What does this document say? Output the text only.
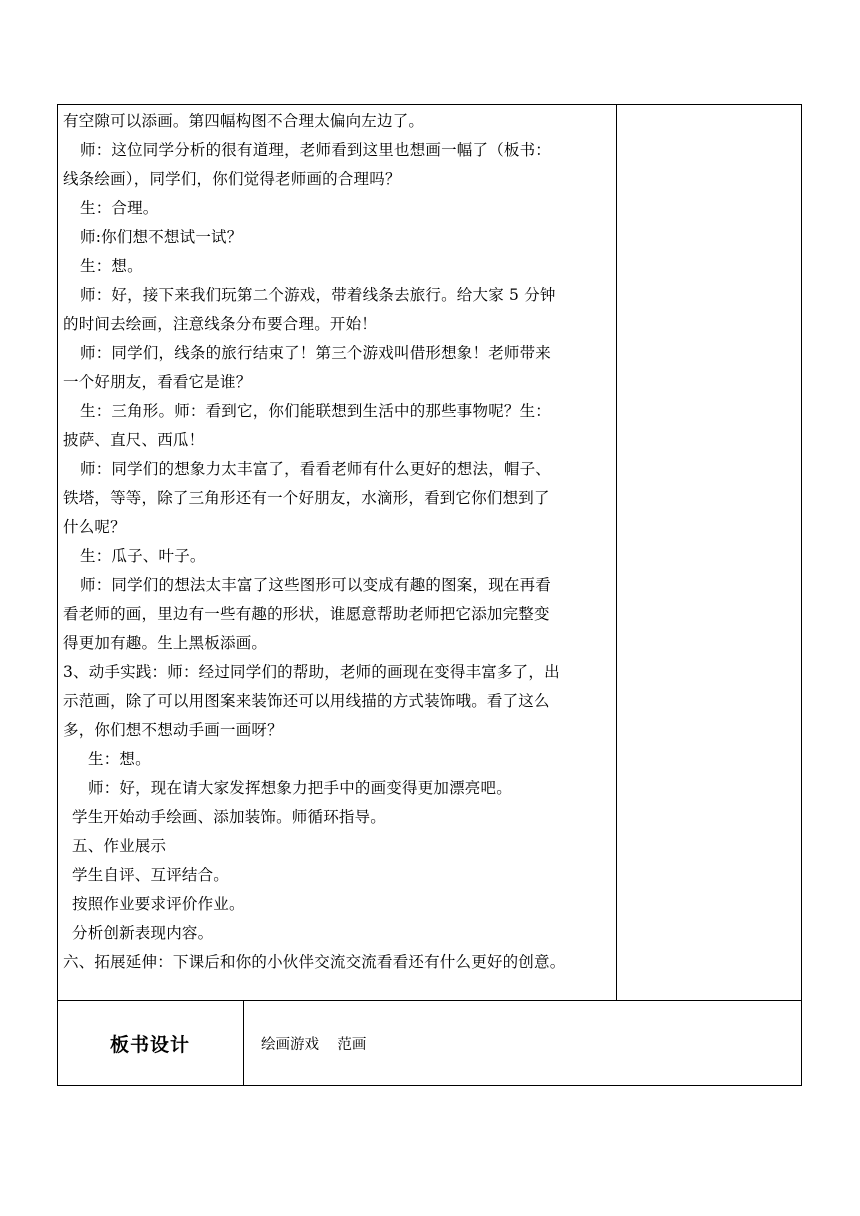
有空隙可以添画。第四幅构图不合理太偏向左边了。
师：这位同学分析的很有道理，老师看到这里也想画一幅了（板书：
线条绘画），同学们，你们觉得老师画的合理吗？
生：合理。
师:你们想不想试一试？
生：想。
师：好，接下来我们玩第二个游戏，带着线条去旅行。给大家 5 分钟
的时间去绘画，注意线条分布要合理。开始！
师：同学们，线条的旅行结束了！第三个游戏叫借形想象！老师带来
一个好朋友，看看它是谁？
生：三角形。师：看到它，你们能联想到生活中的那些事物呢？生：
披萨、直尺、西瓜！
师：同学们的想象力太丰富了，看看老师有什么更好的想法，帽子、
铁塔，等等，除了三角形还有一个好朋友，水滴形，看到它你们想到了
什么呢？
生：瓜子、叶子。
师：同学们的想法太丰富了这些图形可以变成有趣的图案，现在再看
看老师的画，里边有一些有趣的形状，谁愿意帮助老师把它添加完整变
得更加有趣。生上黑板添画。
3、动手实践：师：经过同学们的帮助，老师的画现在变得丰富多了，出
示范画，除了可以用图案来装饰还可以用线描的方式装饰哦。看了这么
多，你们想不想动手画一画呀？
生：想。
师：好，现在请大家发挥想象力把手中的画变得更加漂亮吧。
学生开始动手绘画、添加装饰。师循环指导。
五、作业展示
学生自评、互评结合。
按照作业要求评价作业。
分析创新表现内容。
六、拓展延伸：下课后和你的小伙伴交流交流看看还有什么更好的创意。
板书设计	绘画游戏    范画
